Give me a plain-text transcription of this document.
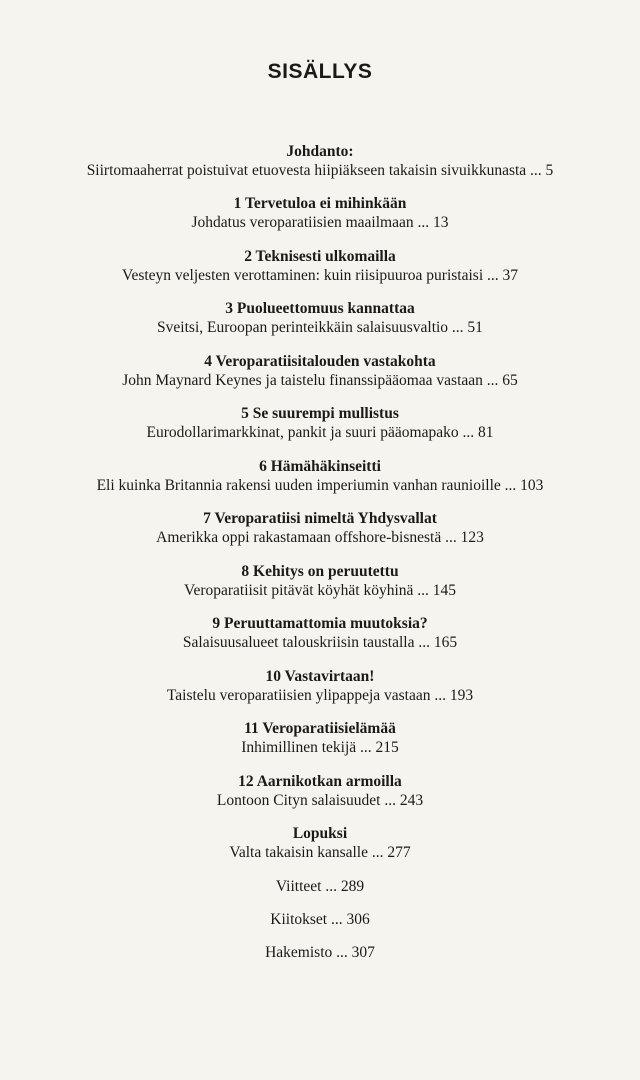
SISÄLLYS
Johdanto:
Siirtomaaherrat poistuivat etuovesta hiipiäkseen takaisin sivuikkunasta ... 5
1 Tervetuloa ei mihinkään
Johdatus veroparatiisien maailmaan ... 13
2 Teknisesti ulkomailla
Vesteyn veljesten verottaminen: kuin riisipuuroa puristaisi ... 37
3 Puolueettomuus kannattaa
Sveitsi, Euroopan perinteikkäin salaisuusvaltio ... 51
4 Veroparatiisitalouden vastakohta
John Maynard Keynes ja taistelu finanssipääomaa vastaan ... 65
5 Se suurempi mullistus
Eurodollarimarkkinat, pankit ja suuri pääomapako ... 81
6 Hämähäkinseitti
Eli kuinka Britannia rakensi uuden imperiumin vanhan raunioille ... 103
7 Veroparatiisi nimeltä Yhdysvallat
Amerikka oppi rakastamaan offshore-bisnestä ... 123
8 Kehitys on peruutettu
Veroparatiisit pitävät köyhät köyhinä ... 145
9 Peruuttamattomia muutoksia?
Salaisuusalueet talouskriisin taustalla ... 165
10 Vastavirtaan!
Taistelu veroparatiisien ylipappeja vastaan ... 193
11 Veroparatiisielämää
Inhimillinen tekijä ... 215
12 Aarnikotkan armoilla
Lontoon Cityn salaisuudet ... 243
Lopuksi
Valta takaisin kansalle ... 277
Viitteet ... 289
Kiitokset ... 306
Hakemisto ... 307
